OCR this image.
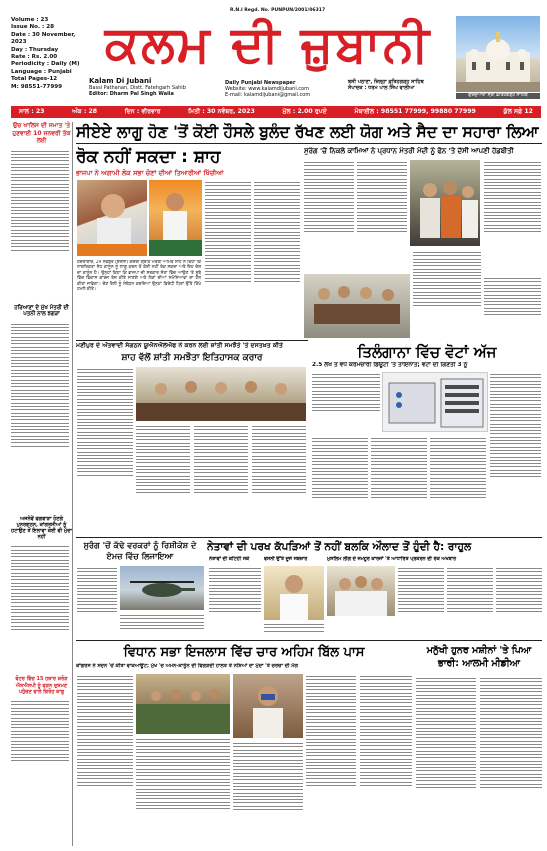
Volume : 23
Issue No. : 28
Date : 30 November, 2023
Day : Thursday
Rate : Rs. 2.00
Periodicity : Daily (M)
Language : Punjabi
Total Pages-12
M: 98551-77999
R.N.I Regd. No. PUNPUN/2001/06317
ਕਲਮ ਦੀ ਜ਼ੁਬਾਨੀ
Kalam Di Jubani
Bassi Pathanan, Distt. Fatehgarh Sahib
Editor: Dharm Pal Singh Walia
Daily Punjabi Newspaper
Website: www.kalamdijubani.com
E-mail: kalamdijubani@gmail.com
ਬਸੀ ਪਠਾਣਾ, ਜ਼ਿਲ੍ਹਾ ਫ਼ਤਿਹਗੜ੍ਹ ਸਾਹਿਬ
ਸੰਪਾਦਕ : ਧਰਮ ਪਾਲ ਸਿੰਘ ਵਾਲੀਆ
ਗੁਰਦੁਆਰਾ ਸ੍ਰੀ ਫ਼ਤਿਹਗੜ੍ਹ ਸਾਹਿਬ
ਸਾਲ : 23	ਅੰਕ : 28	ਦਿਨ : ਵੀਰਵਾਰ	ਮਿਤੀ : 30 ਨਵੰਬਰ, 2023	ਮੁੱਲ : 2.00 ਰੁਪਏ	ਮੋਬਾਈਲ : 98551 77999, 99880 77999	ਕੁੱਲ ਸਫ਼ੇ 12
ਉਚ ਖਾਲਿਸ ਦੀ ਜਮਾਤ 'ਤੇ ਹੁਣਵਾਈ 10 ਜਨਵਰੀ ਤੱਕ ਲਈ
ਹਰਿਆਣਾ ਦੇ ਮੁੱਖ ਮੰਤਰੀ ਦੀ ਪਤਨੀ ਨਾਲ ਝਗੜਾ
ਅਜਨੇਵੇਂ ਫਗਵਾੜਾ ਹੋਣਗੇ ਪੁਨਰਗਠਨ, ਕਾਂਗਰਸੀਆਂ ਨੂੰ ਹਟਾਉਣ ਤੋਂ ਇਲਾਵਾ ਕੋਈ ਵੀ ਮੁੱਦਾ ਨਹੀਂ
ਵੋਟਰ ਵਿੱਚ 15 ਹਜ਼ਾਰ ਕਰੋੜ ਐਸਐਸਪੀ ਨੂੰ ਫੜਨ ਦੁਸ਼ਮਣ ਪਹੁੰਚਣ ਵਾਲੇ ਗਿਰੋਹ ਕਾਬੂ
ਸੀਏਏ ਲਾਗੂ ਹੋਣ 'ਤੋਂ ਕੋਈ ਹੌਸਲੇ ਬੁਲੰਦ ਰੱਖਣ ਲਈ ਯੋਗ ਅਤੇ ਸੈਦ ਦਾ ਸਹਾਰਾ ਲਿਆ
ਰੋਕ ਨਹੀਂ ਸਕਦਾ : ਸ਼ਾਹ
ਭਾਜਪਾ ਨੇ ਅਗਾਮੀ ਲੋਕ ਸਭਾ ਚੋਣਾਂ ਦੀਆਂ ਤਿਆਰੀਆਂ ਖਿੱਚੀਆਂ
ਹੈਦਰਾਬਾਦ, 29 ਨਵੰਬਰ (ਏਜੰਸੀ) ਕੇਂਦਰੀ ਗ੍ਰਹਿ ਮੰਤਰੀ ਅਮਿਤ ਸ਼ਾਹ ਨੇ ਕਿਹਾ ਕਿ ਨਾਗਰਿਕਤਾ ਸੋਧ ਕਾਨੂੰਨ ਨੂੰ ਲਾਗੂ ਕਰਨ ਤੋਂ ਕੋਈ ਨਹੀਂ ਰੋਕ ਸਕਦਾ ਅਤੇ ਇਹ ਦੇਸ਼ ਦਾ ਕਾਨੂੰਨ ਹੈ। ਉਨ੍ਹਾਂ ਕਿਹਾ ਕਿ ਭਾਜਪਾ ਦੀ ਸਰਕਾਰ ਸੱਤਾ ਵਿੱਚ ਆਉਣ 'ਤੇ ਸੂਬੇ ਵਿੱਚ ਵਿਕਾਸ ਕਾਰਜ ਤੇਜ਼ ਕੀਤੇ ਜਾਣਗੇ ਅਤੇ ਲੋਕਾਂ ਦੀਆਂ ਸਮੱਸਿਆਵਾਂ ਦਾ ਹੱਲ ਕੀਤਾ ਜਾਵੇਗਾ। ਚੋਣ ਰੈਲੀ ਨੂੰ ਸੰਬੋਧਨ ਕਰਦਿਆਂ ਉਨ੍ਹਾਂ ਵਿਰੋਧੀ ਧਿਰਾਂ ਉੱਤੇ ਤਿੱਖੇ ਹਮਲੇ ਕੀਤੇ।
ਸੁਰੰਗ 'ਚੋਂ ਨਿਕਲੇ ਕਾਮਿਆਂ ਨੇ ਪ੍ਰਧਾਨ ਮੰਤਰੀ ਮੋਦੀ ਨੂੰ ਫੋਨ 'ਤੇ ਦੱਸੀ ਆਪਣੀ ਹੱਡਬੀਤੀ
ਮਣੀਪੁਰ ਦੇ ਅੱਤਵਾਦੀ ਸੰਗਠਨ ਯੂਐਨਐਲਐਫ ਨੇ ਕਰਨ ਲਈ ਸ਼ਾਂਤੀ ਸਮਝੌਤੇ 'ਤੇ ਦਸਤਖ਼ਤ ਕੀਤੇ
ਸ਼ਾਹ ਵੱਲੋਂ ਸ਼ਾਂਤੀ ਸਮਝੌਤਾ ਇਤਿਹਾਸਕ ਕਰਾਰ	ਤਿਲੰਗਾਨਾ ਵਿੱਚ ਵੋਟਾਂ ਅੱਜ
2.5 ਲੱਖ ਤੋਂ ਵੱਧ ਕਰਮਚਾਰੀ ਡਿਊਟੀ 'ਤੇ ਤਾਇਨਾਤ; ਵੋਟਾਂ ਦੀ ਗਿਣਤੀ 3 ਨੂੰ
ਸੁਰੰਗ 'ਚੋਂ ਕੱਢੇ ਵਰਕਰਾਂ ਨੂੰ ਰਿਸ਼ੀਕੇਸ਼ ਦੇ ਏਮਜ਼ ਵਿੱਚ ਲਿਜਾਇਆ
ਨੇਤਾਵਾਂ ਦੀ ਪਰਖ ਕੱਪੜਿਆਂ ਤੋਂ ਨਹੀਂ ਬਲਕਿ ਔਲਾਦ ਤੋਂ ਹੁੰਦੀ ਹੈ: ਰਾਹੁਲ
ਨੇਤਾਵਾਂ ਦੀ ਕਟਿਹੀ ਸਕੇ	ਵਸਨੀ ਉੱਤੇ ਦੂਜੇ ਸਬਜ਼ਾਰ	ਮੁਸਲਿਮ ਲੀਗ ਦੇ ਜਮਹੂਰ ਕਾਰਜਾਂ 'ਤੇ ਆਧਾਰਿਤ ਪ੍ਰਕਰਨ ਦੀ ਰੋਕ ਅਖਬਾਰ
ਵਿਧਾਨ ਸਭਾ ਇਜਲਾਸ ਵਿੱਚ ਚਾਰ ਅਹਿਮ ਬਿੱਲ ਪਾਸ
ਕਾਂਗਰਸ ਨੇ ਸਦਨ 'ਚੋਂ ਕੀਤਾ ਵਾਕਆਊਟ; ਮੁੱਖ 'ਚ ਅਮਨ-ਕਾਨੂੰਨ ਦੀ ਵਿਗੜਦੀ ਹਾਲਤ ਤੇ ਨਸ਼ਿਆਂ ਦਾ ਮੁੱਦਾ 'ਤੇ ਚਰਚਾ ਦੀ ਮੰਗ
ਮਨੁੱਖੀ ਹੁਨਰ ਮਸ਼ੀਨਾਂ 'ਤੇ ਪਿਆ ਭਾਰੀ: ਆਲਮੀ ਮੀਡੀਆ
